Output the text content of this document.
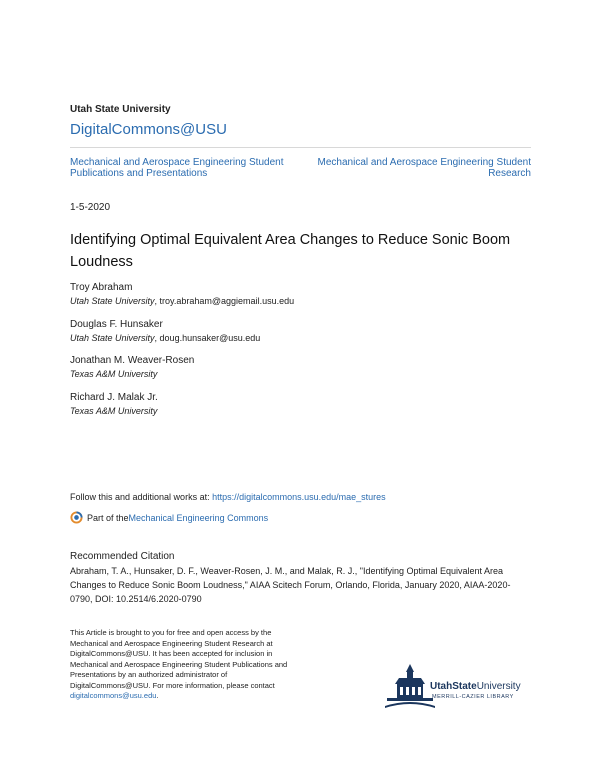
Utah State University
DigitalCommons@USU
Mechanical and Aerospace Engineering Student
Publications and Presentations
Mechanical and Aerospace Engineering Student
Research
1-5-2020
Identifying Optimal Equivalent Area Changes to Reduce Sonic Boom Loudness
Troy Abraham
Utah State University, troy.abraham@aggiemail.usu.edu
Douglas F. Hunsaker
Utah State University, doug.hunsaker@usu.edu
Jonathan M. Weaver-Rosen
Texas A&M University
Richard J. Malak Jr.
Texas A&M University
Follow this and additional works at: https://digitalcommons.usu.edu/mae_stures
Part of the Mechanical Engineering Commons
Recommended Citation
Abraham, T. A., Hunsaker, D. F., Weaver-Rosen, J. M., and Malak, R. J., "Identifying Optimal Equivalent Area Changes to Reduce Sonic Boom Loudness," AIAA Scitech Forum, Orlando, Florida, January 2020, AIAA-2020-0790, DOI: 10.2514/6.2020-0790
This Article is brought to you for free and open access by the Mechanical and Aerospace Engineering Student Research at DigitalCommons@USU. It has been accepted for inclusion in Mechanical and Aerospace Engineering Student Publications and Presentations by an authorized administrator of DigitalCommons@USU. For more information, please contact digitalcommons@usu.edu.
UtahStateUniversity
MERRILL-CAZIER LIBRARY
